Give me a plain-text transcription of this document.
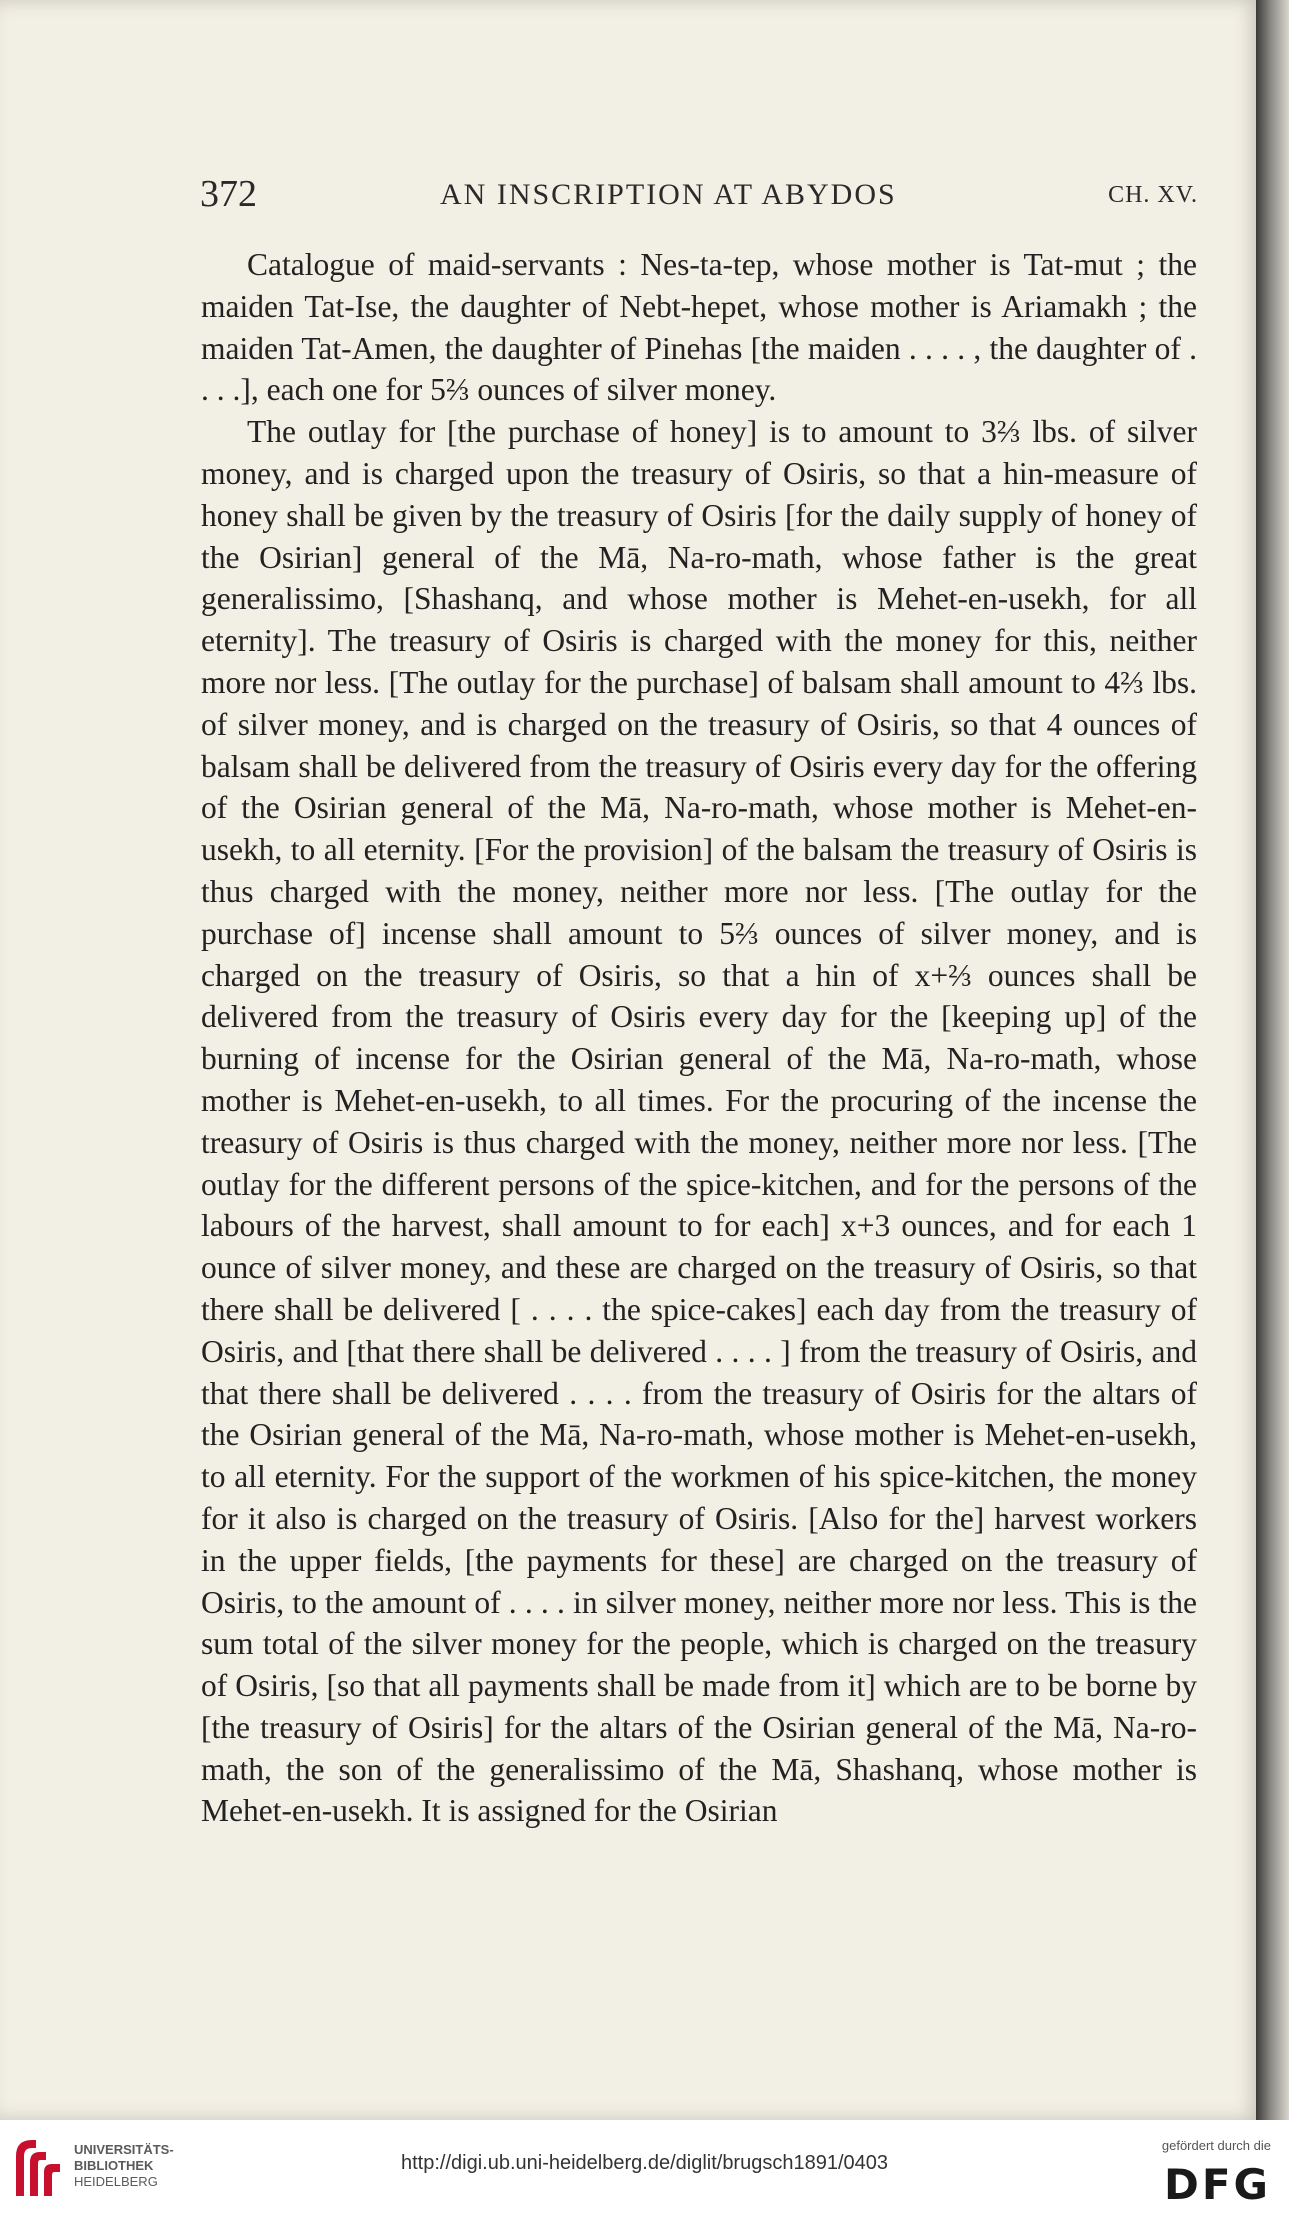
372	AN INSCRIPTION AT ABYDOS	CH. XV.

Catalogue of maid-servants : Nes-ta-tep, whose mother is Tat-mut ; the maiden Tat-Ise, the daughter of Nebt-hepet, whose mother is Ariamakh ; the maiden Tat-Amen, the daughter of Pinehas [the maiden . . . . , the daughter of . . . .], each one for 5⅔ ounces of silver money.

The outlay for [the purchase of honey] is to amount to 3⅔ lbs. of silver money, and is charged upon the treasury of Osiris, so that a hin-measure of honey shall be given by the treasury of Osiris [for the daily supply of honey of the Osirian] general of the Mā, Na-ro-math, whose father is the great generalissimo, [Shashanq, and whose mother is Mehet-en-usekh, for all eternity]. The treasury of Osiris is charged with the money for this, neither more nor less. [The outlay for the purchase] of balsam shall amount to 4⅔ lbs. of silver money, and is charged on the treasury of Osiris, so that 4 ounces of balsam shall be delivered from the treasury of Osiris every day for the offering of the Osirian general of the Mā, Na-ro-math, whose mother is Mehet-en-usekh, to all eternity. [For the provision] of the balsam the treasury of Osiris is thus charged with the money, neither more nor less. [The outlay for the purchase of] incense shall amount to 5⅔ ounces of silver money, and is charged on the treasury of Osiris, so that a hin of x+⅔ ounces shall be delivered from the treasury of Osiris every day for the [keeping up] of the burning of incense for the Osirian general of the Mā, Na-ro-math, whose mother is Mehet-en-usekh, to all times. For the procuring of the incense the treasury of Osiris is thus charged with the money, neither more nor less. [The outlay for the different persons of the spice-kitchen, and for the persons of the labours of the harvest, shall amount to for each] x+3 ounces, and for each 1 ounce of silver money, and these are charged on the treasury of Osiris, so that there shall be delivered [ . . . . the spice-cakes] each day from the treasury of Osiris, and [that there shall be delivered . . . . ] from the treasury of Osiris, and that there shall be delivered . . . . from the treasury of Osiris for the altars of the Osirian general of the Mā, Na-ro-math, whose mother is Mehet-en-usekh, to all eternity. For the support of the workmen of his spice-kitchen, the money for it also is charged on the treasury of Osiris. [Also for the] harvest workers in the upper fields, [the payments for these] are charged on the treasury of Osiris, to the amount of . . . . in silver money, neither more nor less. This is the sum total of the silver money for the people, which is charged on the treasury of Osiris, [so that all payments shall be made from it] which are to be borne by [the treasury of Osiris] for the altars of the Osirian general of the Mā, Na-ro-math, the son of the generalissimo of the Mā, Shashanq, whose mother is Mehet-en-usekh. It is assigned for the Osirian

UNIVERSITÄTS-
BIBLIOTHEK
HEIDELBERG
http://digi.ub.uni-heidelberg.de/diglit/brugsch1891/0403
gefördert durch die
DFG
